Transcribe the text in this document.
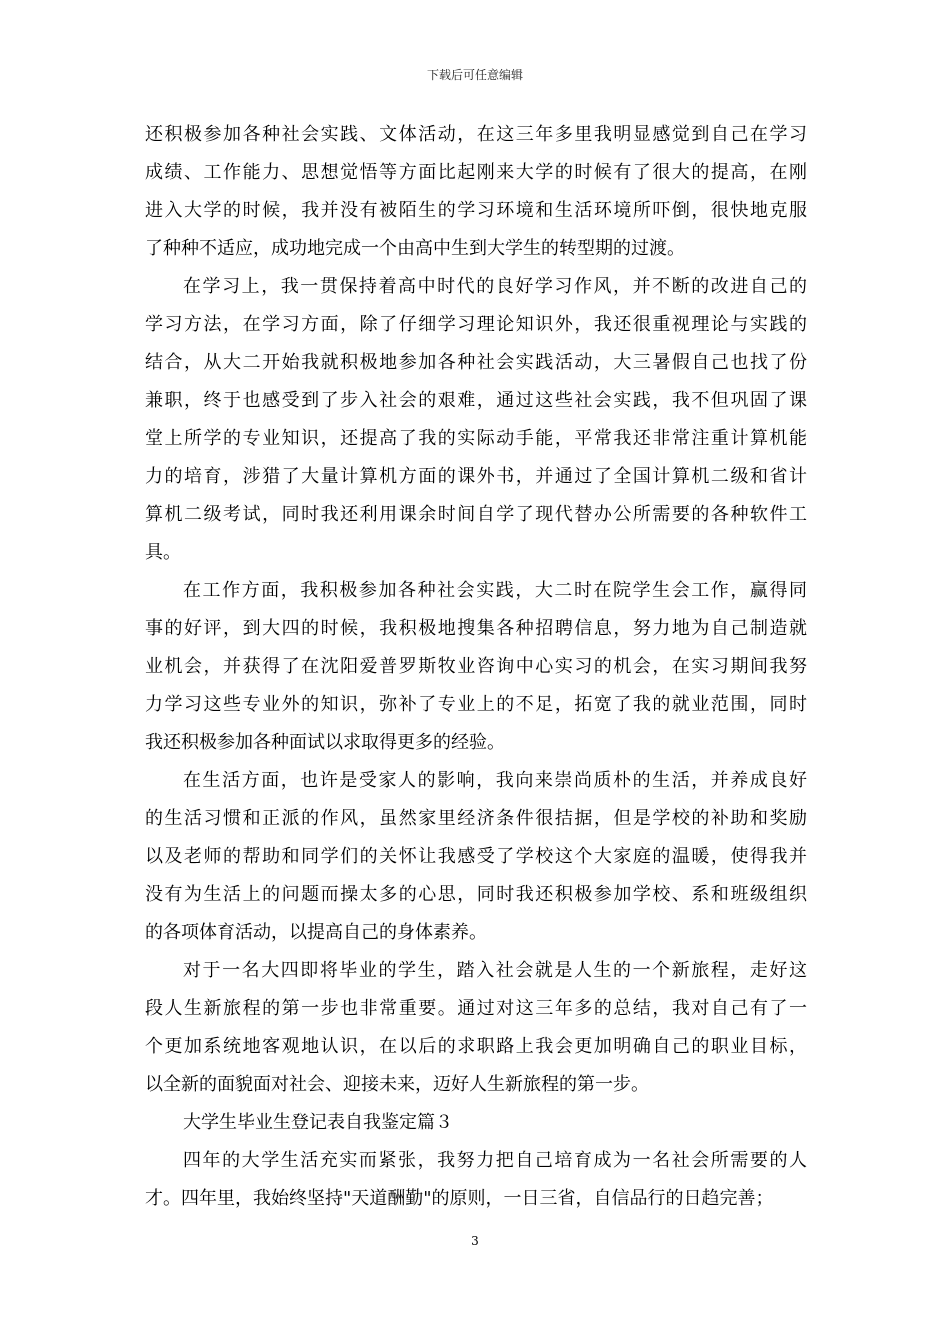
下载后可任意编辑
还积极参加各种社会实践、文体活动，在这三年多里我明显感觉到自己在学习
成绩、工作能力、思想觉悟等方面比起刚来大学的时候有了很大的提高，在刚
进入大学的时候，我并没有被陌生的学习环境和生活环境所吓倒，很快地克服
了种种不适应，成功地完成一个由高中生到大学生的转型期的过渡。
在学习上，我一贯保持着高中时代的良好学习作风，并不断的改进自己的
学习方法，在学习方面，除了仔细学习理论知识外，我还很重视理论与实践的
结合，从大二开始我就积极地参加各种社会实践活动，大三暑假自己也找了份
兼职，终于也感受到了步入社会的艰难，通过这些社会实践，我不但巩固了课
堂上所学的专业知识，还提高了我的实际动手能，平常我还非常注重计算机能
力的培育，涉猎了大量计算机方面的课外书，并通过了全国计算机二级和省计
算机二级考试，同时我还利用课余时间自学了现代替办公所需要的各种软件工
具。
在工作方面，我积极参加各种社会实践，大二时在院学生会工作，赢得同
事的好评，到大四的时候，我积极地搜集各种招聘信息，努力地为自己制造就
业机会，并获得了在沈阳爱普罗斯牧业咨询中心实习的机会，在实习期间我努
力学习这些专业外的知识，弥补了专业上的不足，拓宽了我的就业范围，同时
我还积极参加各种面试以求取得更多的经验。
在生活方面，也许是受家人的影响，我向来崇尚质朴的生活，并养成良好
的生活习惯和正派的作风，虽然家里经济条件很拮据，但是学校的补助和奖励
以及老师的帮助和同学们的关怀让我感受了学校这个大家庭的温暖，使得我并
没有为生活上的问题而操太多的心思，同时我还积极参加学校、系和班级组织
的各项体育活动，以提高自己的身体素养。
对于一名大四即将毕业的学生，踏入社会就是人生的一个新旅程，走好这
段人生新旅程的第一步也非常重要。通过对这三年多的总结，我对自己有了一
个更加系统地客观地认识，在以后的求职路上我会更加明确自己的职业目标，
以全新的面貌面对社会、迎接未来，迈好人生新旅程的第一步。
大学生毕业生登记表自我鉴定篇３
四年的大学生活充实而紧张，我努力把自己培育成为一名社会所需要的人
才。四年里，我始终坚持"天道酬勤"的原则，一日三省，自信品行的日趋完善；
3
